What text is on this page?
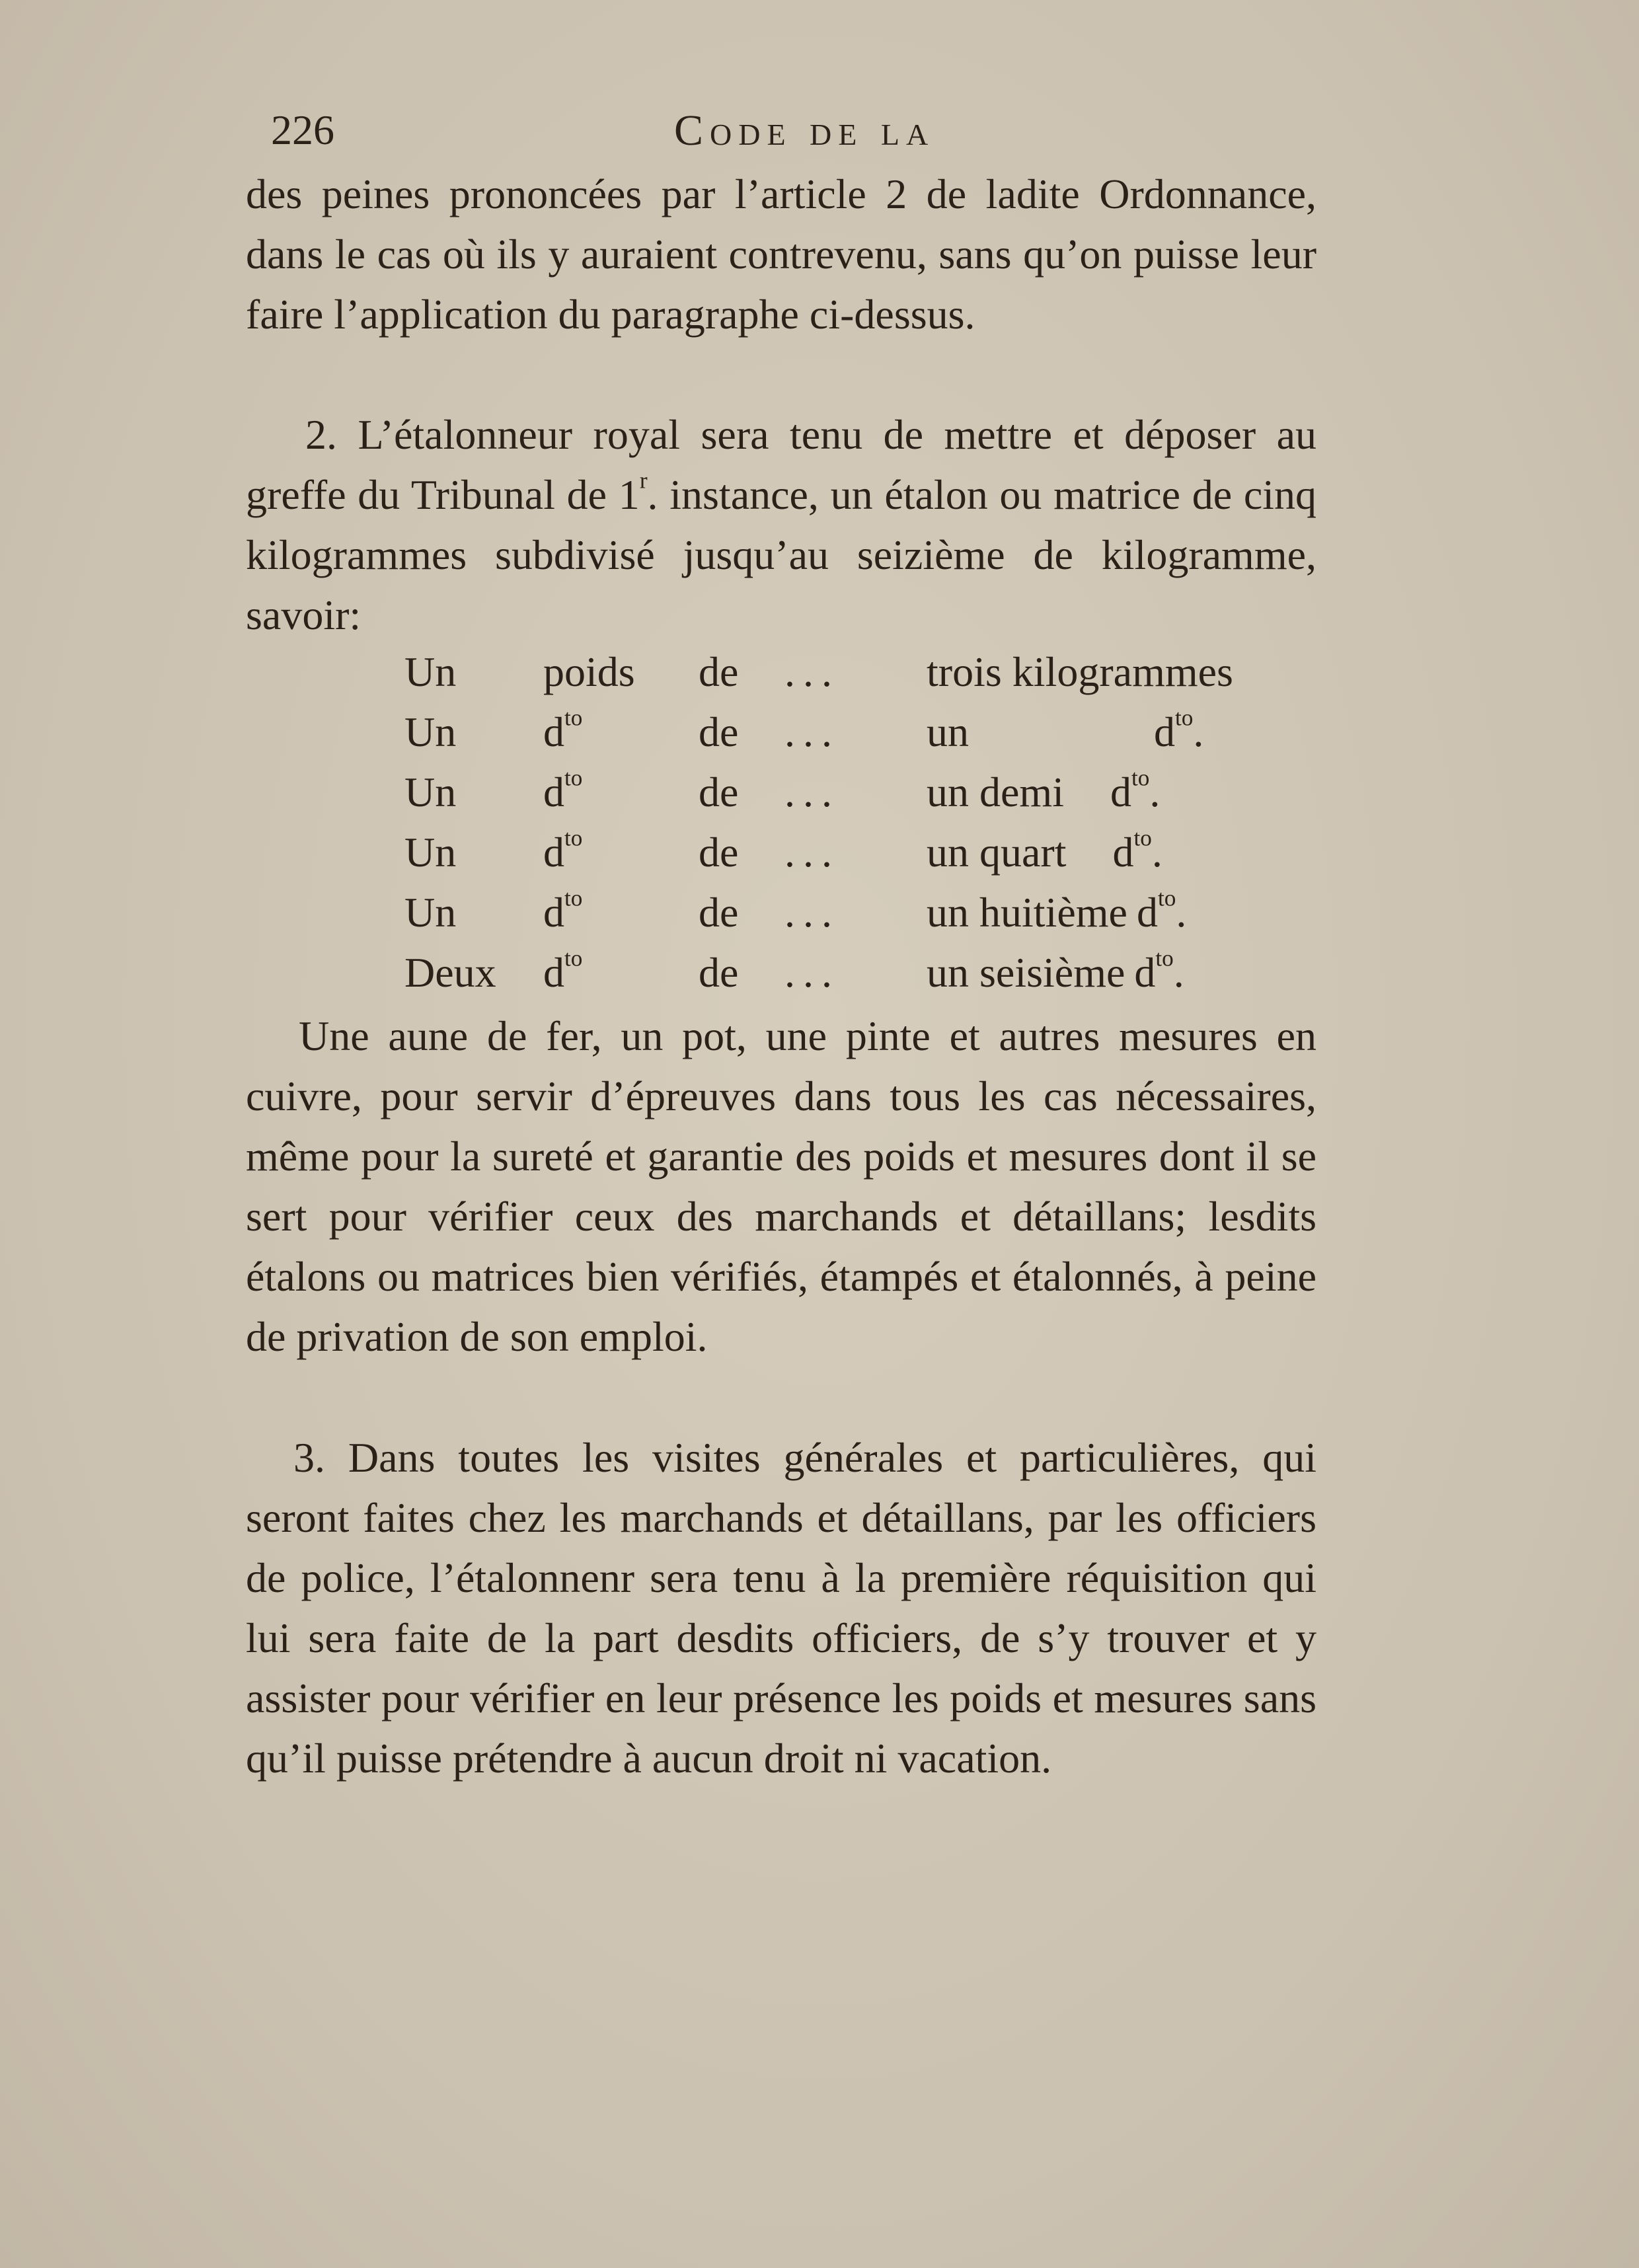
226	Code de la

des peines prononcées par l’article 2 de ladite Ordonnance, dans le cas où ils y auraient contrevenu, sans qu’on puisse leur faire l’application du paragraphe ci-dessus.

2. L’étalonneur royal sera tenu de mettre et déposer au greffe du Tribunal de 1$^r$. instance, un étalon ou matrice de cinq kilogrammes subdivisé jusqu’au seizième de kilogramme, savoir:

Un poids de ... trois kilogrammes
Un $d^{to}$	de ... un	$d^{to}$.
Un $d^{to}$	de ... un demi $d^{to}$.
Un $d^{to}$	de ... un quart $d^{to}$.
Un $d^{to}$	de ... un huitième $d^{to}$.
Deux $d^{to}$	de ... un seisième $d^{to}$.

Une aune de fer, un pot, une pinte et autres mesures en cuivre, pour servir d’épreuves dans tous les cas nécessaires, même pour la sureté et garantie des poids et mesures dont il se sert pour vérifier ceux des marchands et détaillans; lesdits étalons ou matrices bien vérifiés, étampés et étalonnés, à peine de privation de son emploi.

3. Dans toutes les visites générales et particulières, qui seront faites chez les marchands et détaillans, par les officiers de police, l’étalonnenr sera tenu à la première réquisition qui lui sera faite de la part desdits officiers, de s’y trouver et y assister pour vérifier en leur présence les poids et mesures sans qu’il puisse prétendre à aucun droit ni vacation.
